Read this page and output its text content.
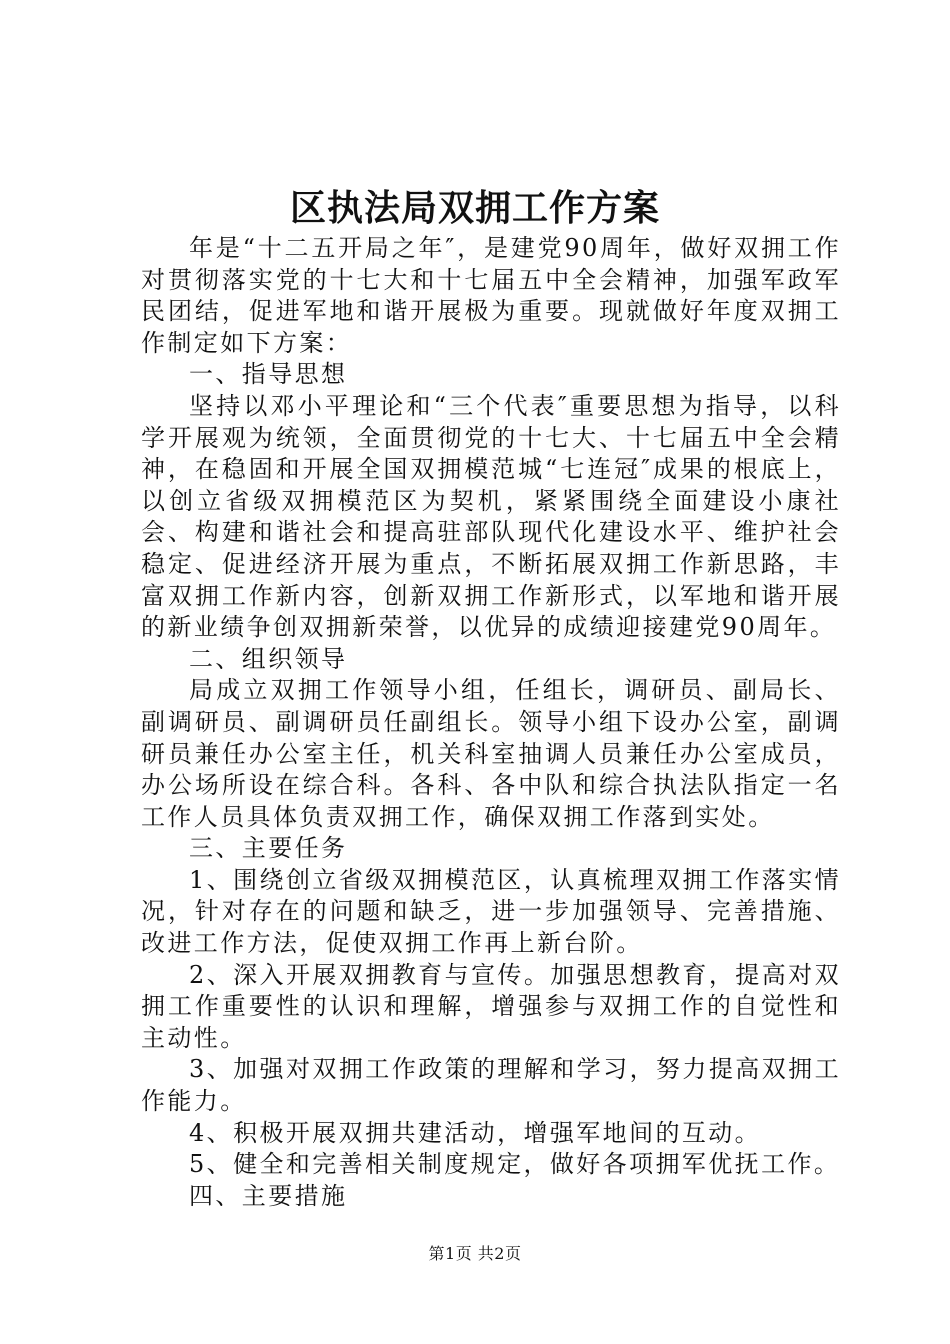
区执法局双拥工作方案

年是“十二五开局之年″，是建党90周年，做好双拥工作对贯彻落实党的十七大和十七届五中全会精神，加强军政军民团结，促进军地和谐开展极为重要。现就做好年度双拥工作制定如下方案：

一、指导思想

坚持以邓小平理论和“三个代表″重要思想为指导，以科学开展观为统领，全面贯彻党的十七大、十七届五中全会精神，在稳固和开展全国双拥模范城“七连冠″成果的根底上，以创立省级双拥模范区为契机，紧紧围绕全面建设小康社会、构建和谐社会和提高驻部队现代化建设水平、维护社会稳定、促进经济开展为重点，不断拓展双拥工作新思路，丰富双拥工作新内容，创新双拥工作新形式，以军地和谐开展的新业绩争创双拥新荣誉，以优异的成绩迎接建党90周年。

二、组织领导

局成立双拥工作领导小组，任组长，调研员、副局长、副调研员、副调研员任副组长。领导小组下设办公室，副调研员兼任办公室主任，机关科室抽调人员兼任办公室成员，办公场所设在综合科。各科、各中队和综合执法队指定一名工作人员具体负责双拥工作，确保双拥工作落到实处。

三、主要任务

1、围绕创立省级双拥模范区，认真梳理双拥工作落实情况，针对存在的问题和缺乏，进一步加强领导、完善措施、改进工作方法，促使双拥工作再上新台阶。

2、深入开展双拥教育与宣传。加强思想教育，提高对双拥工作重要性的认识和理解，增强参与双拥工作的自觉性和主动性。

3、加强对双拥工作政策的理解和学习，努力提高双拥工作能力。

4、积极开展双拥共建活动，增强军地间的互动。

5、健全和完善相关制度规定，做好各项拥军优抚工作。

四、主要措施

第1页 共2页
